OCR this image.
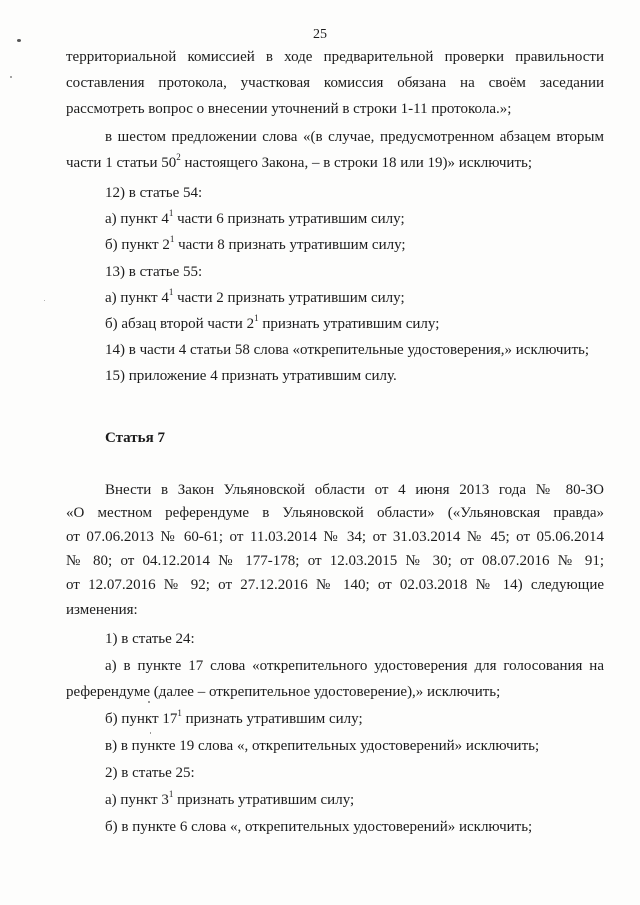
25
территориальной комиссией в ходе предварительной проверки правильности
составления протокола, участковая комиссия обязана на своём заседании
рассмотреть вопрос о внесении уточнений в строки 1-11 протокола.»;
в шестом предложении слова «(в случае, предусмотренном абзацем вторым
части 1 статьи $50^2$ настоящего Закона, – в строки 18 или 19)» исключить;
12) в статье 54:
а) пункт $4^1$ части 6 признать утратившим силу;
б) пункт $2^1$ части 8 признать утратившим силу;
13) в статье 55:
а) пункт $4^1$ части 2 признать утратившим силу;
б) абзац второй части $2^1$ признать утратившим силу;
14) в части 4 статьи 58 слова «открепительные удостоверения,» исключить;
15) приложение 4 признать утратившим силу.
Статья 7
Внести в Закон Ульяновской области от 4 июня 2013 года № 80-ЗО
«О местном референдуме в Ульяновской области» («Ульяновская правда»
от 07.06.2013 № 60-61; от 11.03.2014 № 34; от 31.03.2014 № 45; от 05.06.2014
№ 80; от 04.12.2014 № 177-178; от 12.03.2015 № 30; от 08.07.2016 № 91;
от 12.07.2016 № 92; от 27.12.2016 № 140; от 02.03.2018 № 14) следующие
изменения:
1) в статье 24:
а) в пункте 17 слова «открепительного удостоверения для голосования на
референдуме (далее – открепительное удостоверение),» исключить;
б) пункт $17^1$ признать утратившим силу;
в) в пункте 19 слова «, открепительных удостоверений» исключить;
2) в статье 25:
а) пункт $3^1$ признать утратившим силу;
б) в пункте 6 слова «, открепительных удостоверений» исключить;
